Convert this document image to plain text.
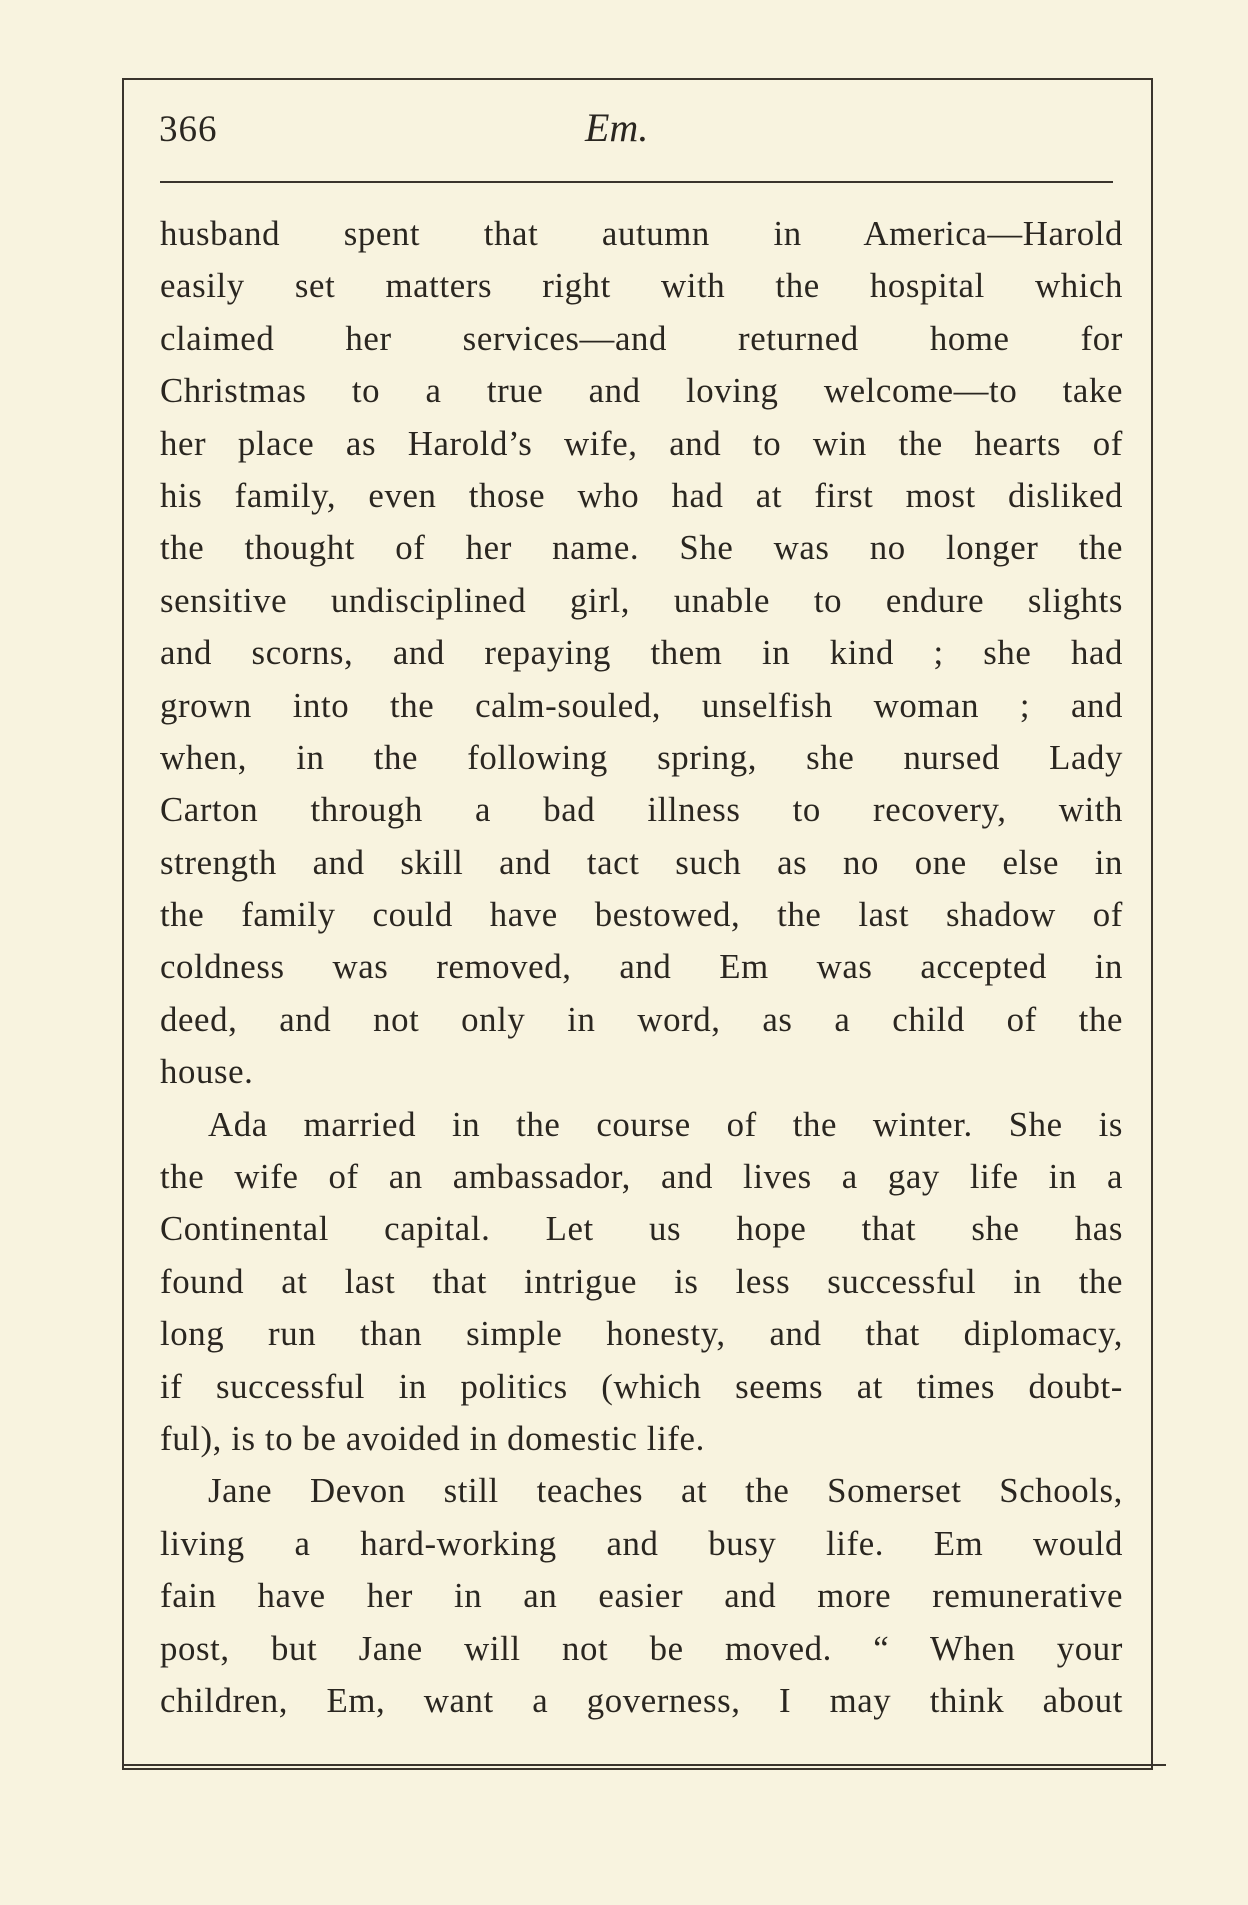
366	Em.
husband spent that autumn in America—Harold
easily set matters right with the hospital which
claimed her services—and returned home for
Christmas to a true and loving welcome—to take
her place as Harold’s wife, and to win the hearts of
his family, even those who had at first most disliked
the thought of her name. She was no longer the
sensitive undisciplined girl, unable to endure slights
and scorns, and repaying them in kind ; she had
grown into the calm-souled, unselfish woman ; and
when, in the following spring, she nursed Lady
Carton through a bad illness to recovery, with
strength and skill and tact such as no one else in
the family could have bestowed, the last shadow of
coldness was removed, and Em was accepted in
deed, and not only in word, as a child of the
house.
Ada married in the course of the winter. She is
the wife of an ambassador, and lives a gay life in a
Continental capital. Let us hope that she has
found at last that intrigue is less successful in the
long run than simple honesty, and that diplomacy,
if successful in politics (which seems at times doubt-
ful), is to be avoided in domestic life.
Jane Devon still teaches at the Somerset Schools,
living a hard-working and busy life. Em would
fain have her in an easier and more remunerative
post, but Jane will not be moved. “ When your
children, Em, want a governess, I may think about
